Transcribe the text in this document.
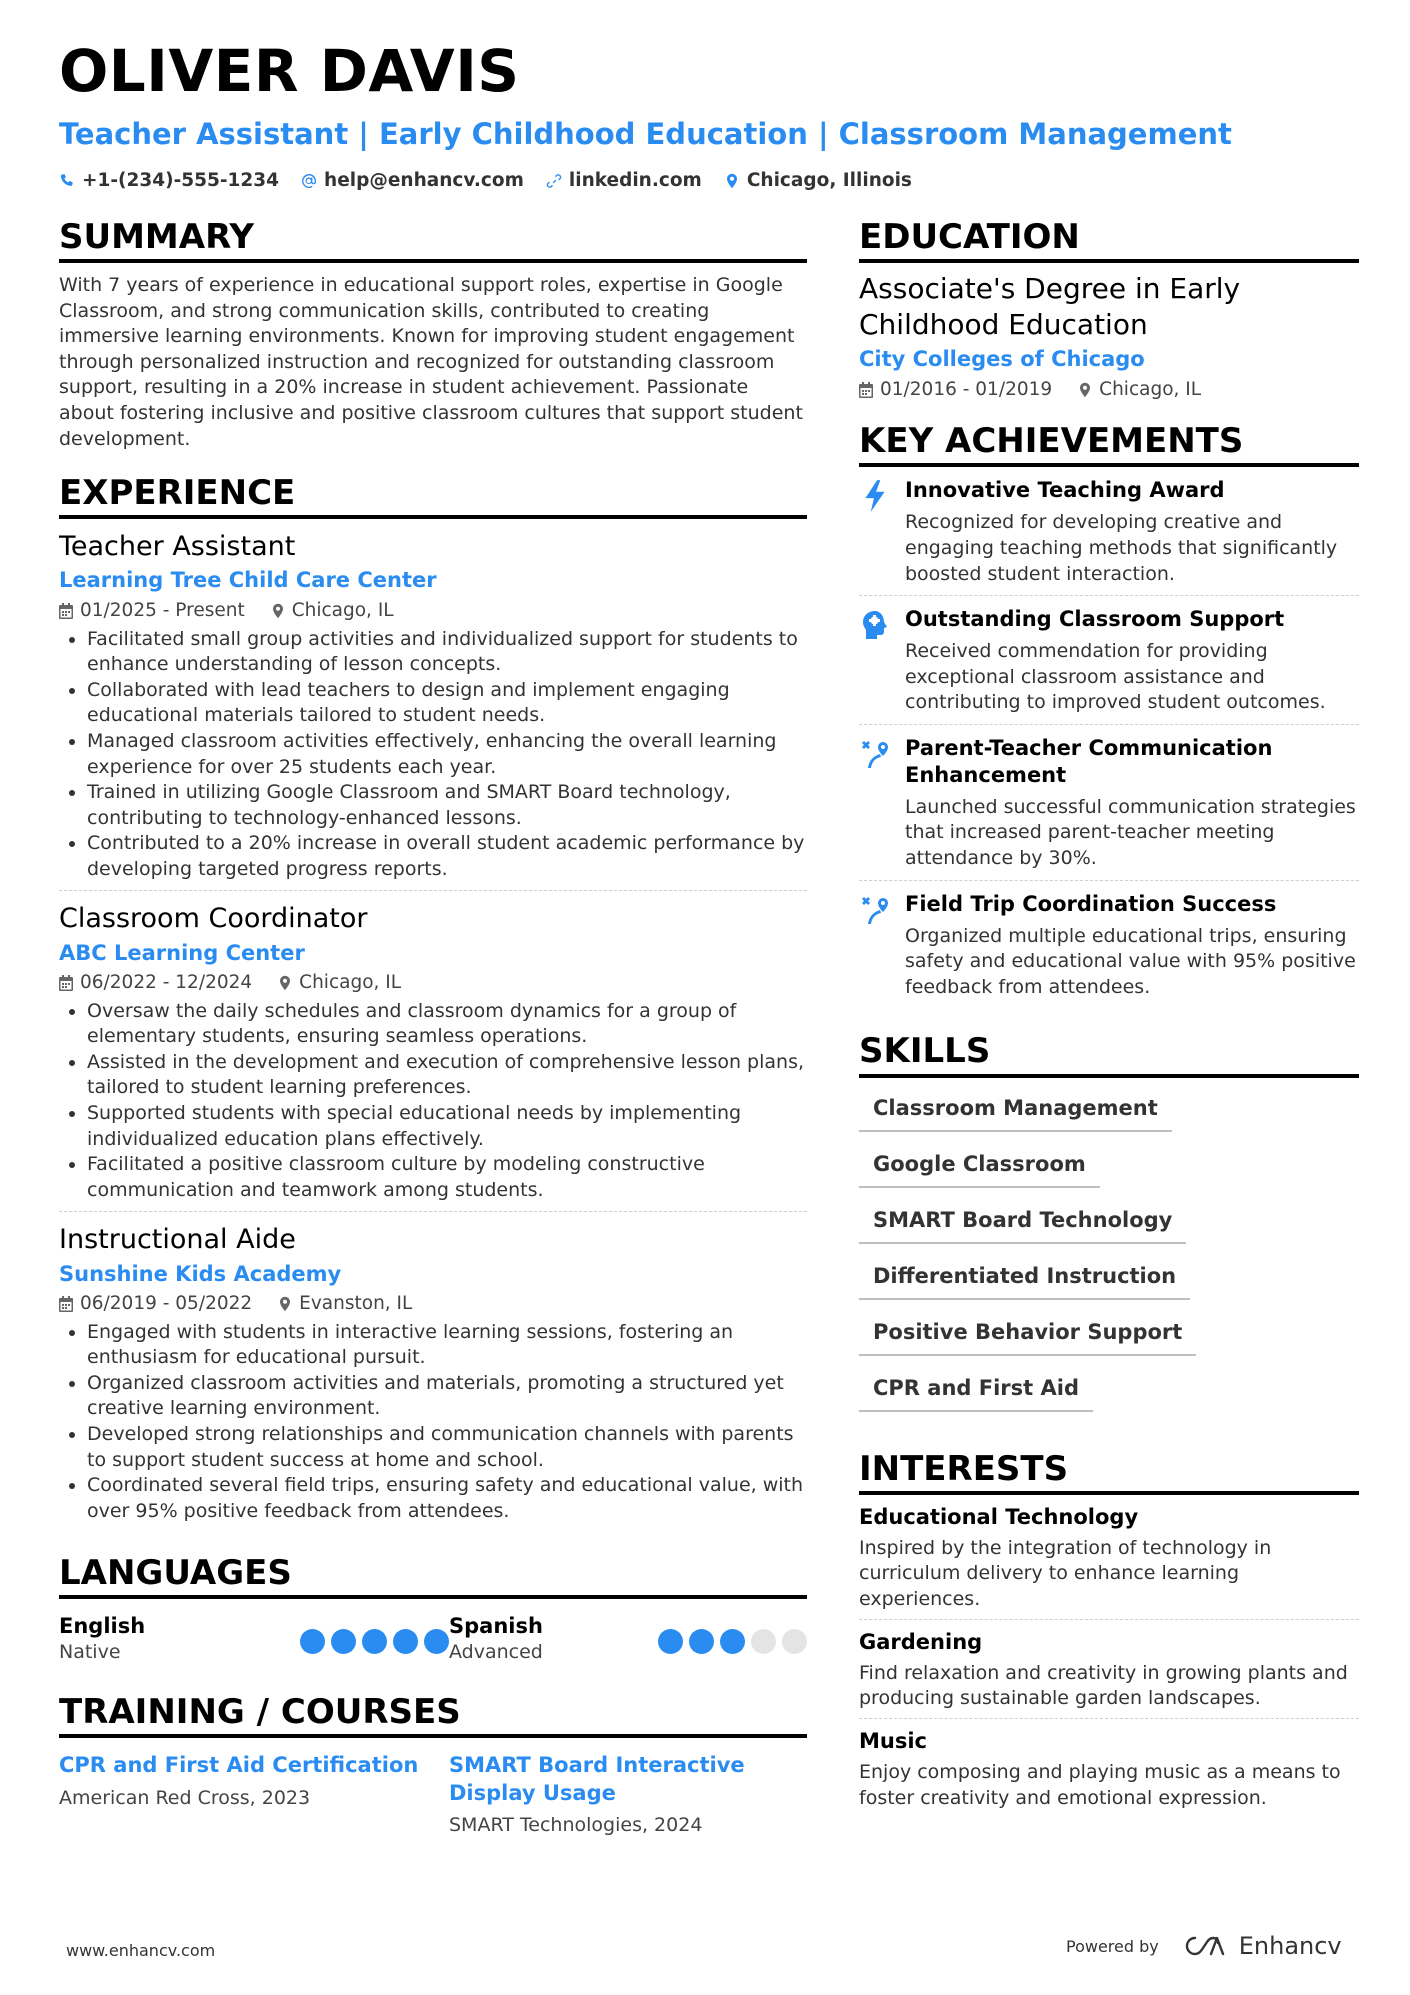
OLIVER DAVIS
Teacher Assistant | Early Childhood Education | Classroom Management
+1-(234)-555-1234 help@enhancv.com linkedin.com Chicago, Illinois
SUMMARY
With 7 years of experience in educational support roles, expertise in Google Classroom, and strong communication skills, contributed to creating immersive learning environments. Known for improving student engagement through personalized instruction and recognized for outstanding classroom support, resulting in a 20% increase in student achievement. Passionate about fostering inclusive and positive classroom cultures that support student development.
EXPERIENCE
Teacher Assistant
Learning Tree Child Care Center
01/2025 - Present	Chicago, IL
• Facilitated small group activities and individualized support for students to enhance understanding of lesson concepts.
• Collaborated with lead teachers to design and implement engaging educational materials tailored to student needs.
• Managed classroom activities effectively, enhancing the overall learning experience for over 25 students each year.
• Trained in utilizing Google Classroom and SMART Board technology, contributing to technology-enhanced lessons.
• Contributed to a 20% increase in overall student academic performance by developing targeted progress reports.
Classroom Coordinator
ABC Learning Center
06/2022 - 12/2024	Chicago, IL
• Oversaw the daily schedules and classroom dynamics for a group of elementary students, ensuring seamless operations.
• Assisted in the development and execution of comprehensive lesson plans, tailored to student learning preferences.
• Supported students with special educational needs by implementing individualized education plans effectively.
• Facilitated a positive classroom culture by modeling constructive communication and teamwork among students.
Instructional Aide
Sunshine Kids Academy
06/2019 - 05/2022	Evanston, IL
• Engaged with students in interactive learning sessions, fostering an enthusiasm for educational pursuit.
• Organized classroom activities and materials, promoting a structured yet creative learning environment.
• Developed strong relationships and communication channels with parents to support student success at home and school.
• Coordinated several field trips, ensuring safety and educational value, with over 95% positive feedback from attendees.
LANGUAGES
English
Native
Spanish
Advanced
TRAINING / COURSES
CPR and First Aid Certification
American Red Cross, 2023
SMART Board Interactive Display Usage
SMART Technologies, 2024
EDUCATION
Associate's Degree in Early Childhood Education
City Colleges of Chicago
01/2016 - 01/2019	Chicago, IL
KEY ACHIEVEMENTS
Innovative Teaching Award
Recognized for developing creative and engaging teaching methods that significantly boosted student interaction.
Outstanding Classroom Support
Received commendation for providing exceptional classroom assistance and contributing to improved student outcomes.
Parent-Teacher Communication Enhancement
Launched successful communication strategies that increased parent-teacher meeting attendance by 30%.
Field Trip Coordination Success
Organized multiple educational trips, ensuring safety and educational value with 95% positive feedback from attendees.
SKILLS
Classroom Management
Google Classroom
SMART Board Technology
Differentiated Instruction
Positive Behavior Support
CPR and First Aid
INTERESTS
Educational Technology
Inspired by the integration of technology in curriculum delivery to enhance learning experiences.
Gardening
Find relaxation and creativity in growing plants and producing sustainable garden landscapes.
Music
Enjoy composing and playing music as a means to foster creativity and emotional expression.
www.enhancv.com	Powered by	Enhancv
